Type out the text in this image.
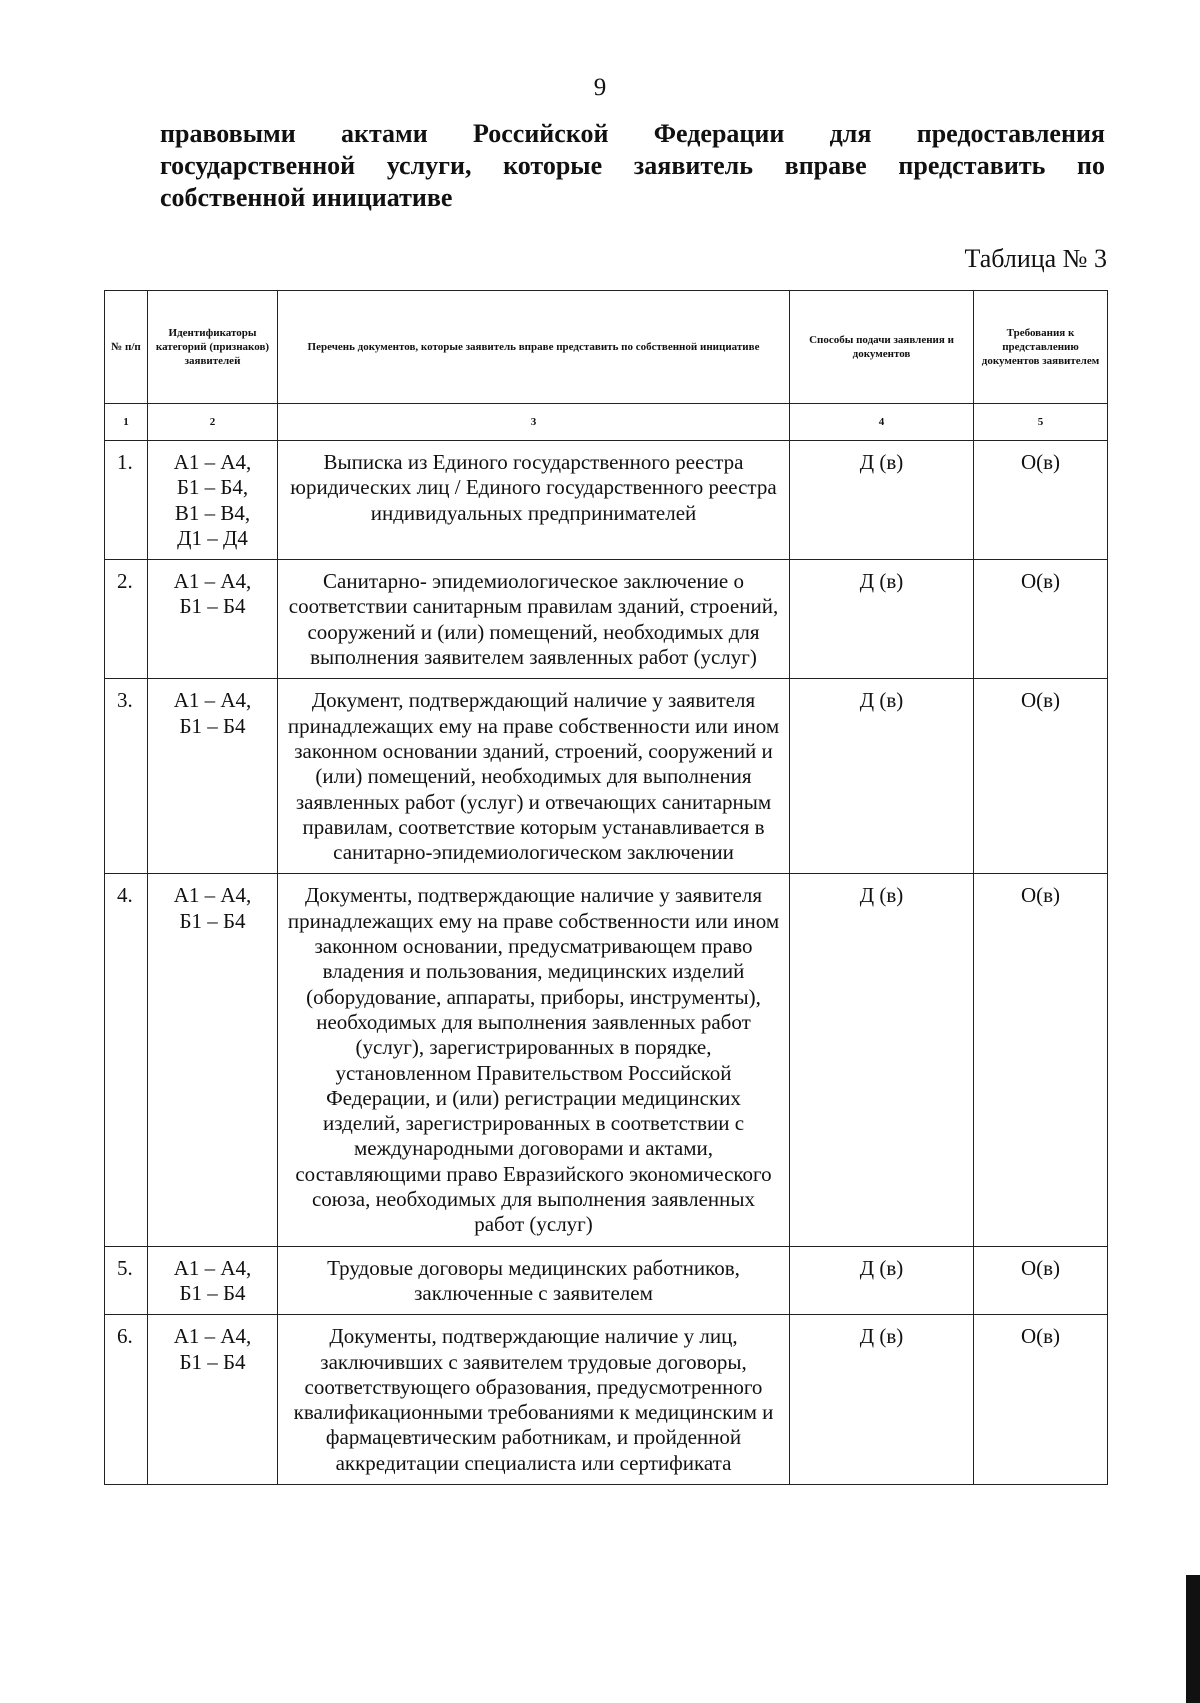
9
правовыми актами Российской Федерации для предоставления
государственной услуги, которые заявитель вправе представить по
собственной инициативе
Таблица № 3
№ п/п	Идентификаторы категорий (признаков) заявителей	Перечень документов, которые заявитель вправе представить по собственной инициативе	Способы подачи заявления и документов	Требования к представлению документов заявителем
1	2	3	4	5
1.	А1 – А4,
Б1 – Б4,
В1 – В4,
Д1 – Д4	Выписка из Единого государственного реестра юридических лиц / Единого государственного реестра индивидуальных предпринимателей	Д (в)	О(в)
2.	А1 – А4,
Б1 – Б4	Санитарно- эпидемиологическое заключение о соответствии санитарным правилам зданий, строений, сооружений и (или) помещений, необходимых для выполнения заявителем заявленных работ (услуг)	Д (в)	О(в)
3.	А1 – А4,
Б1 – Б4	Документ, подтверждающий наличие у заявителя принадлежащих ему на праве собственности или ином законном основании зданий, строений, сооружений и (или) помещений, необходимых для выполнения заявленных работ (услуг) и отвечающих санитарным правилам, соответствие которым устанавливается в санитарно-эпидемиологическом заключении	Д (в)	О(в)
4.	А1 – А4,
Б1 – Б4	Документы, подтверждающие наличие у заявителя принадлежащих ему на праве собственности или ином законном основании, предусматривающем право владения и пользования, медицинских изделий (оборудование, аппараты, приборы, инструменты), необходимых для выполнения заявленных работ (услуг), зарегистрированных в порядке, установленном Правительством Российской Федерации, и (или) регистрации медицинских изделий, зарегистрированных в соответствии с международными договорами и актами, составляющими право Евразийского экономического союза, необходимых для выполнения заявленных работ (услуг)	Д (в)	О(в)
5.	А1 – А4,
Б1 – Б4	Трудовые договоры медицинских работников, заключенные с заявителем	Д (в)	О(в)
6.	А1 – А4,
Б1 – Б4	Документы, подтверждающие наличие у лиц, заключивших с заявителем трудовые договоры, соответствующего образования, предусмотренного квалификационными требованиями к медицинским и фармацевтическим работникам, и пройденной аккредитации специалиста или сертификата	Д (в)	О(в)
